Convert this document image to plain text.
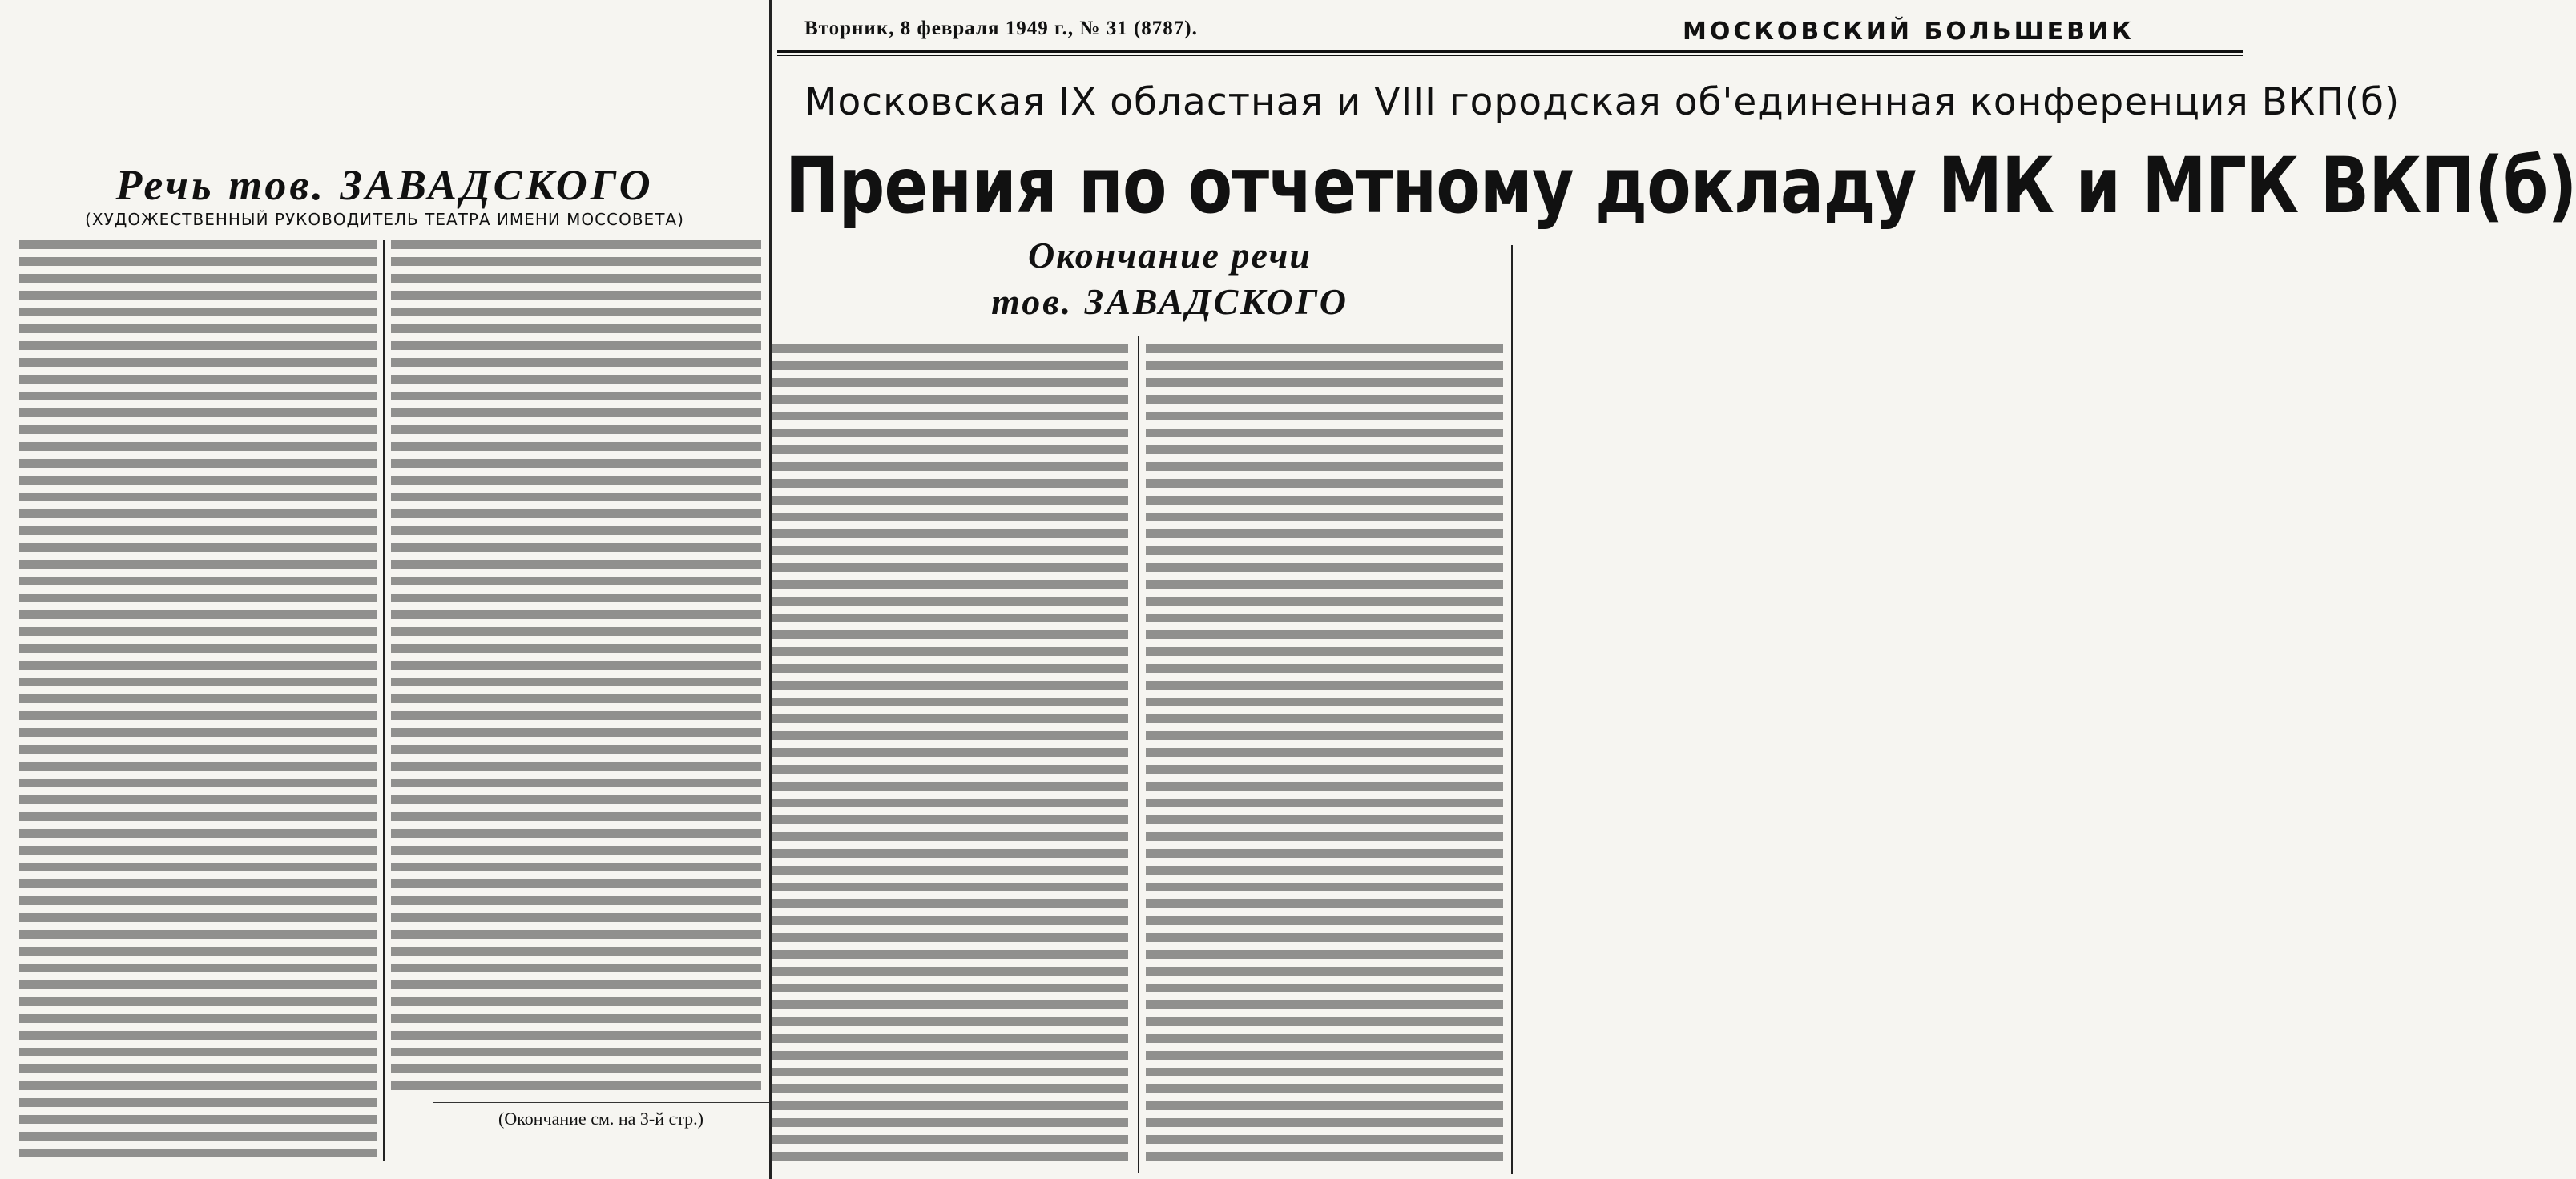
Вторник, 8 февраля 1949 г., № 31 (8787).	МОСКОВСКИЙ БОЛЬШЕВИК
Московская IX областная и VIII городская об'единенная конференция ВКП(б)
Прения по отчетному докладу МК и МГК ВКП(б)
Речь тов. ЗАВАДСКОГО
(ХУДОЖЕСТВЕННЫЙ РУКОВОДИТЕЛЬ ТЕАТРА ИМЕНИ МОССОВЕТА)
(Окончание см. на 3-й стр.)
Окончание речи
тов. ЗАВАДСКОГО
